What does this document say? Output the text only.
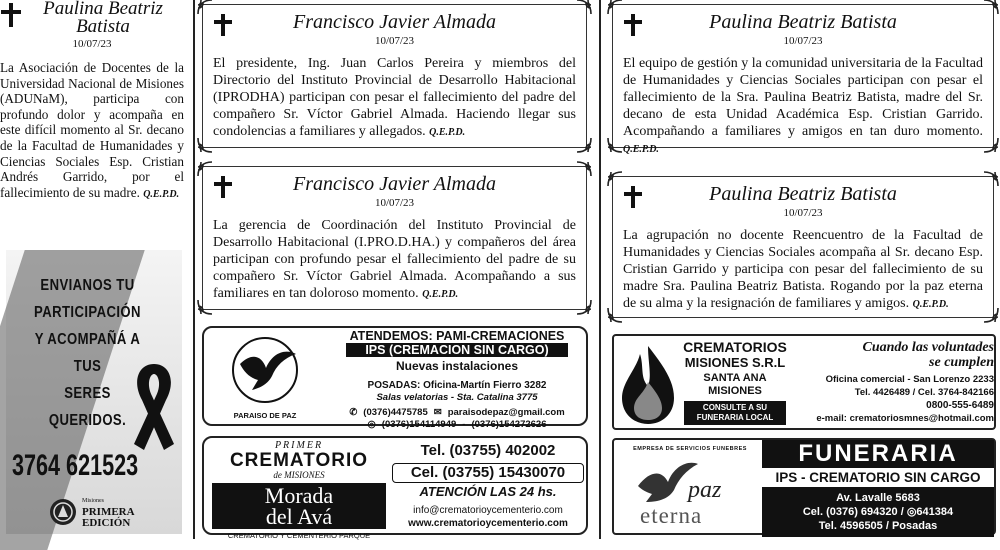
Paulina Beatriz Batista
10/07/23
La Asociación de Docentes de la Universidad Nacional de Misiones (ADUNaM), participa con profundo dolor y acompaña en este difícil momento al Sr. decano de la Facultad de Humanidades y Ciencias Sociales Esp. Cristian Andrés Garrido, por el fallecimiento de su madre. Q.E.P.D.
ENVIANOS TU
PARTICIPACIÓN
Y ACOMPAÑÁ A TUS
SERES QUERIDOS.
3764 621523
Misiones
PRIMERA
EDICIÓN
Francisco Javier Almada
10/07/23
El presidente, Ing. Juan Carlos Pereira y miembros del Directorio del Instituto Provincial de Desarrollo Habitacional (IPRODHA) participan con pesar el fallecimiento del padre del compañero Sr. Víctor Gabriel Almada. Haciendo llegar sus condolencias a familiares y allegados. Q.E.P.D.
Francisco Javier Almada
10/07/23
La gerencia de Coordinación del Instituto Provincial de Desarrollo Habitacional (I.PRO.D.HA.) y compañeros del área participan con profundo pesar el fallecimiento del padre de su compañero Sr. Víctor Gabriel Almada. Acompañando a sus familiares en tan doloroso momento. Q.E.P.D.
Paulina Beatriz Batista
10/07/23
El equipo de gestión y la comunidad universitaria de la Facultad de Humanidades y Ciencias Sociales participan con pesar el fallecimiento de la Sra. Paulina Beatriz Batista, madre del Sr. decano de esta Unidad Académica Esp. Cristian Garrido. Acompañando a familiares y amigos en tan duro momento. Q.E.P.D.
Paulina Beatriz Batista
10/07/23
La agrupación no docente Reencuentro de la Facultad de Humanidades y Ciencias Sociales acompaña al Sr. decano Esp. Cristian Garrido y participa con pesar del fallecimiento de su madre Sra. Paulina Beatriz Batista. Rogando por la paz eterna de su alma y la resignación de familiares y amigos. Q.E.P.D.
PARAISO DE PAZ
ATENDEMOS: PAMI-CREMACIONES
IPS (CREMACION SIN CARGO)
Nuevas instalaciones
POSADAS: Oficina-Martín Fierro 3282
Salas velatorias - Sta. Catalina 3775
✆ (0376)4475785 ✉ paraisodepaz@gmail.com
◎ (0376)154114949 - (0376)154272626
PRIMER
CREMATORIO
de MISIONES
Morada
del Avá
CREMATORIO Y CEMENTERIO PARQUE
Tel. (03755) 402002
Cel. (03755) 15430070
ATENCIÓN LAS 24 hs.
info@crematorioycementerio.com
www.crematorioycementerio.com
CREMATORIOS
MISIONES S.R.L
SANTA ANA
MISIONES
CONSULTE A SU
FUNERARIA LOCAL
Cuando las voluntades
se cumplen
Oficina comercial - San Lorenzo 2233
Tel. 4426489 / Cel. 3764-842166
0800-555-6489
e-mail: crematoriosmnes@hotmail.com
EMPRESA DE SERVICIOS FUNEBRES
paz
eterna
FUNERARIA
IPS - CREMATORIO SIN CARGO
Av. Lavalle 5683
Cel. (0376) 694320 / ◎641384
Tel. 4596505 / Posadas
